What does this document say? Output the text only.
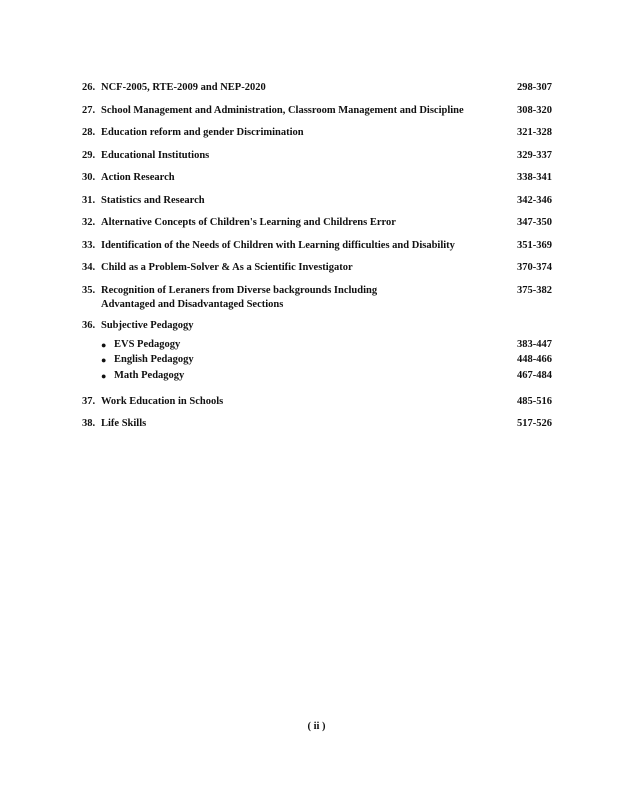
26. NCF-2005, RTE-2009 and NEP-2020	298-307
27. School Management and Administration, Classroom Management and Discipline	308-320
28. Education reform and gender Discrimination	321-328
29. Educational Institutions	329-337
30. Action Research	338-341
31. Statistics and Research	342-346
32. Alternative Concepts of Children's Learning and Childrens Error	347-350
33. Identification of the Needs of Children with Learning difficulties and Disability	351-369
34. Child as a Problem-Solver & As a Scientific Investigator	370-374
35. Recognition of Leraners from Diverse backgrounds Including
Advantaged and Disadvantaged Sections
375-382
36. Subjective Pedagogy
● EVS Pedagogy	383-447
● English Pedagogy	448-466
● Math Pedagogy	467-484
37. Work Education in Schools	485-516
38. Life Skills	517-526
( ii )
